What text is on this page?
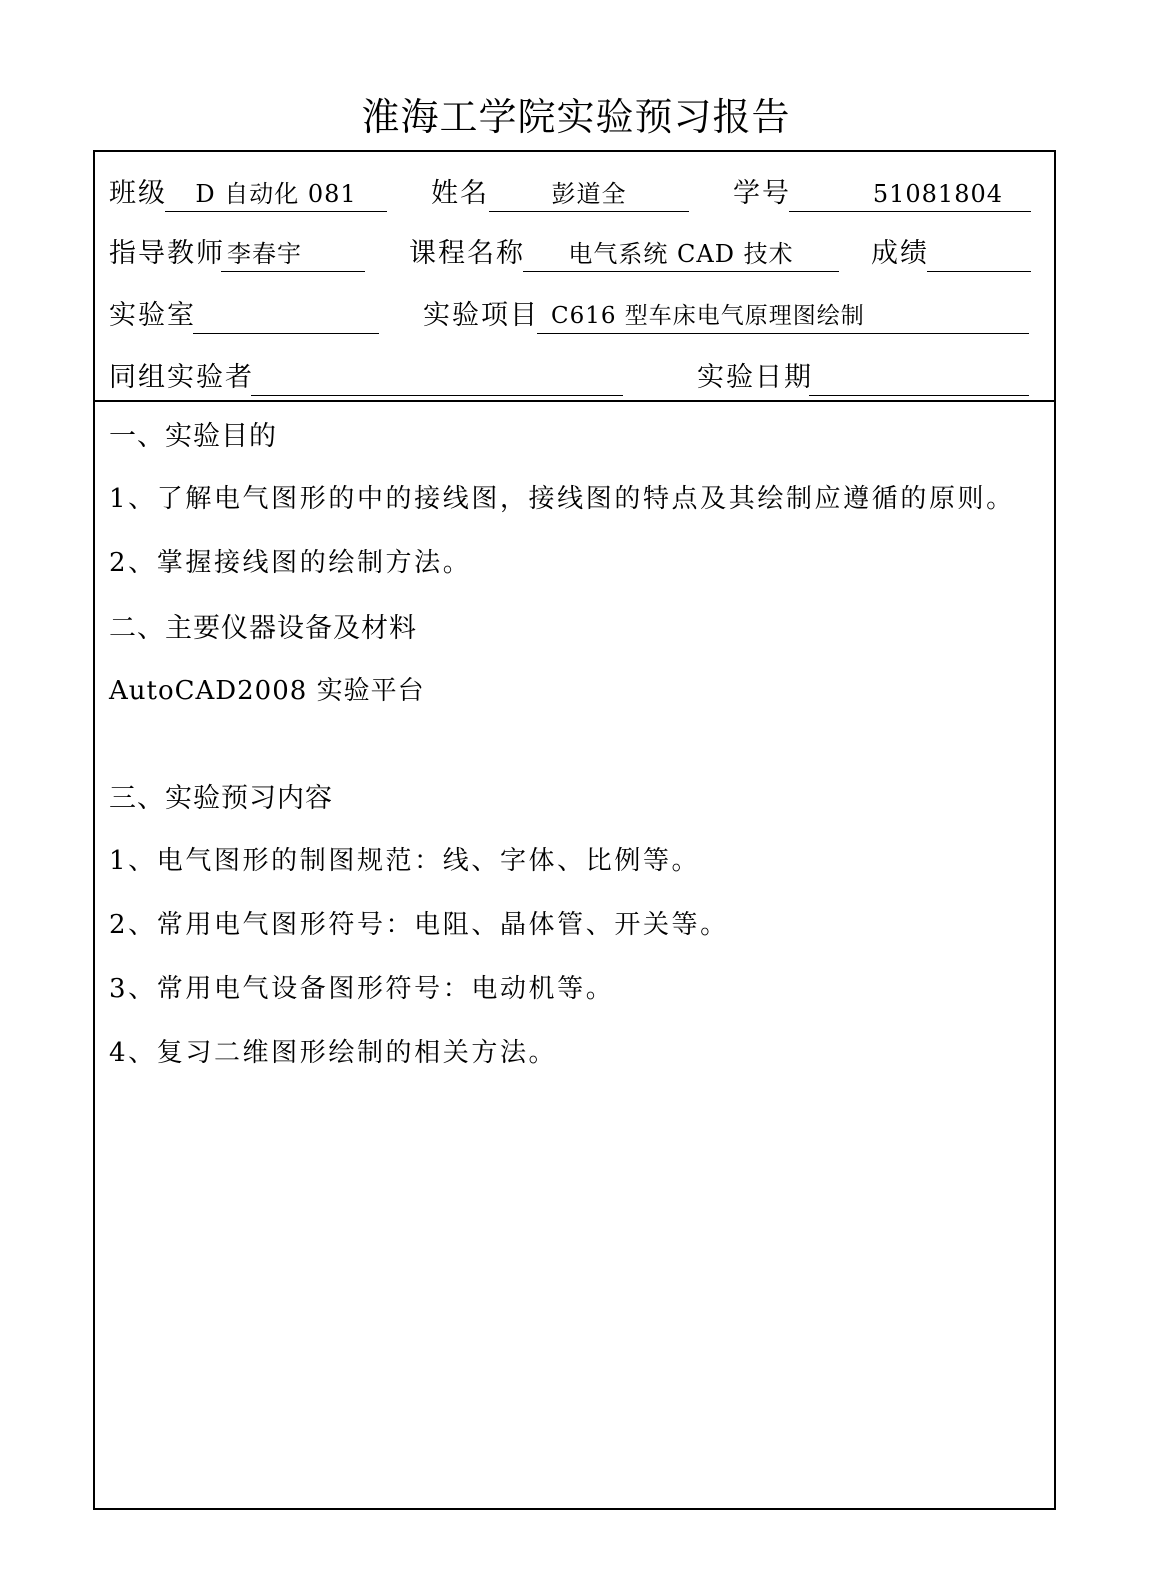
淮海工学院实验预习报告
班级	D 自动化 081	姓名	彭道全	学号	51081804
指导教师 李春宇	课程名称	电气系统 CAD 技术	成绩
实验室	实验项目 C616 型车床电气原理图绘制
同组实验者	实验日期
一、实验目的
1、了解电气图形的中的接线图，接线图的特点及其绘制应遵循的原则。
2、掌握接线图的绘制方法。
二、主要仪器设备及材料
AutoCAD2008 实验平台
三、实验预习内容
1、电气图形的制图规范：线、字体、比例等。
2、常用电气图形符号：电阻、晶体管、开关等。
3、常用电气设备图形符号：电动机等。
4、复习二维图形绘制的相关方法。
